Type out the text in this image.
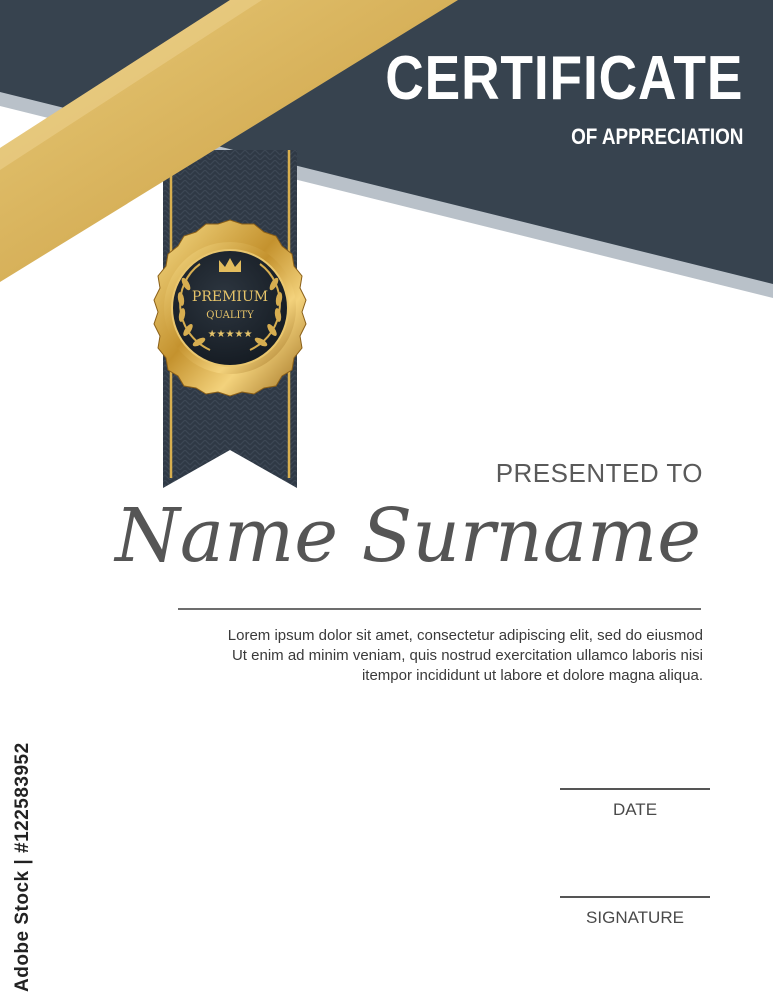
PREMIUM
QUALITY
★★★★★
CERTIFICATE
OF APPRECIATION
PRESENTED TO
Name Surname
Lorem ipsum dolor sit amet, consectetur adipiscing elit, sed do eiusmod
Ut enim ad minim veniam, quis nostrud exercitation ullamco laboris nisi
itempor incididunt ut labore et dolore magna aliqua.
DATE
SIGNATURE
Adobe Stock | #122583952
